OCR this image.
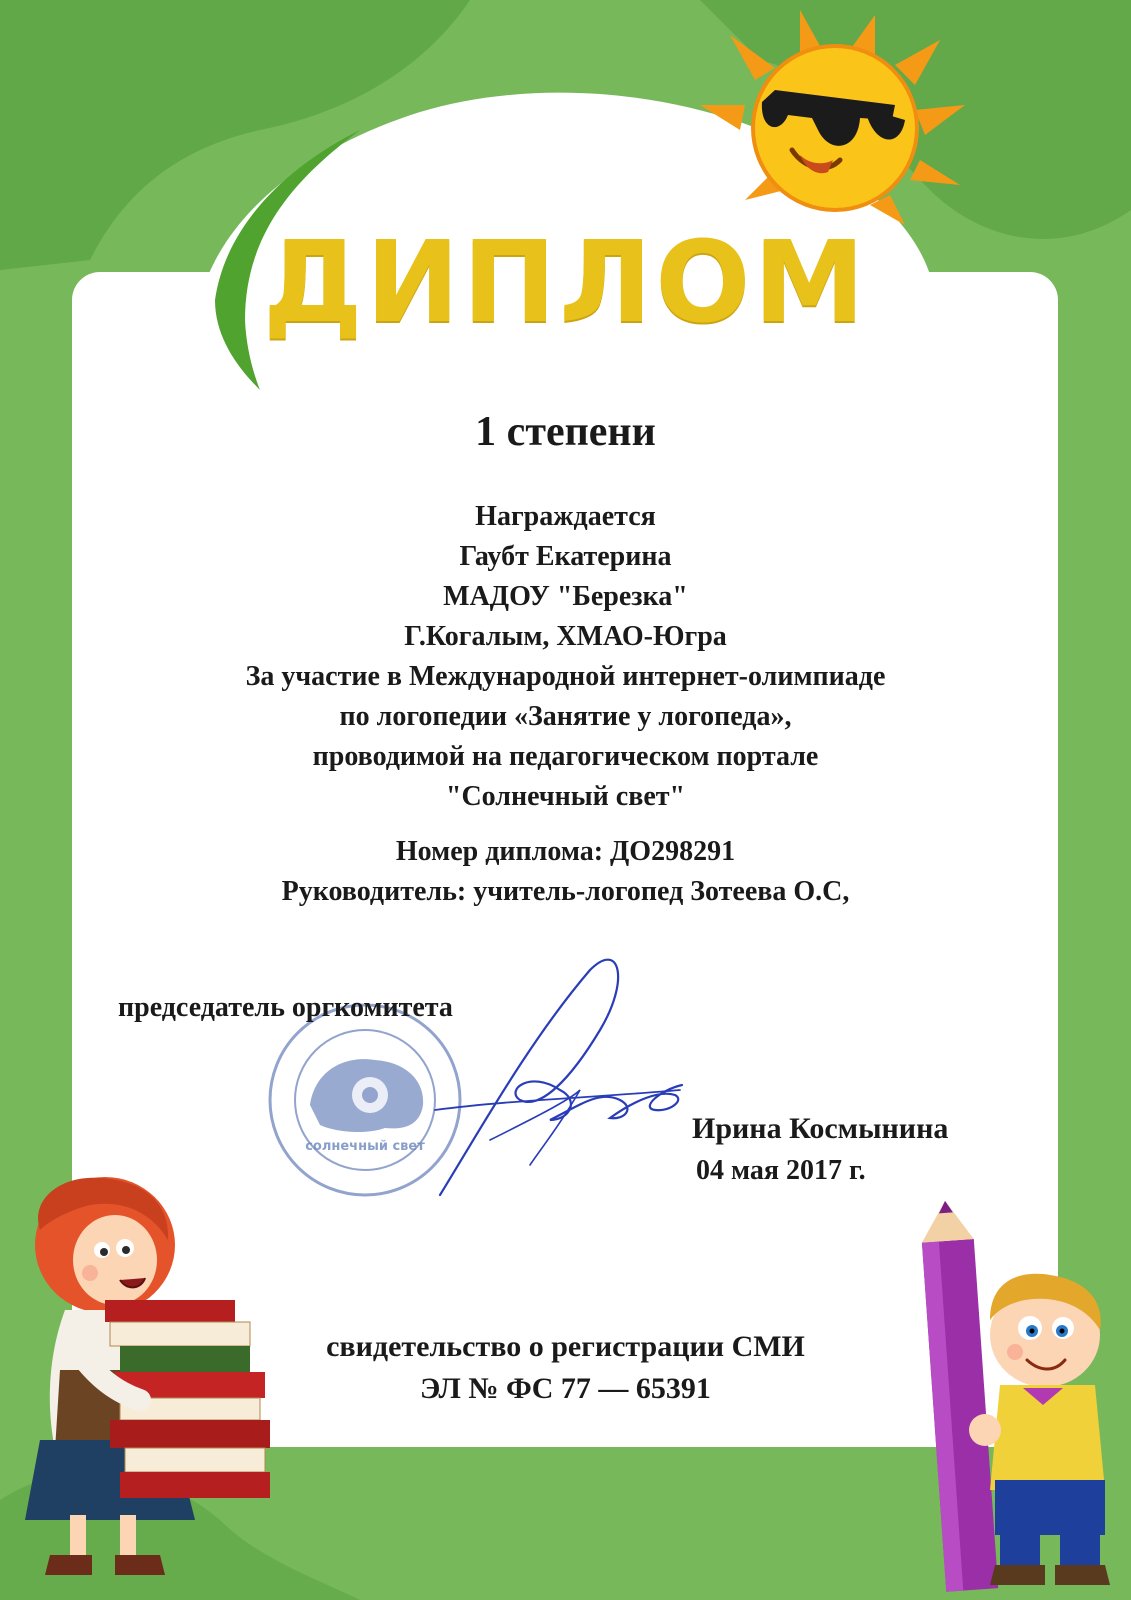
ДИПЛОМ
1 степени
Награждается
Гаубт Екатерина
МАДОУ "Березка"
Г.Когалым, ХМАО-Югра
За участие в Международной интернет-олимпиаде
по логопедии «Занятие у логопеда»,
проводимой на педагогическом портале
"Солнечный свет"
Номер диплома: ДО298291
Руководитель: учитель-логопед Зотеева О.С,
солнечный свет
председатель оргкомитета
Ирина Космынина
04 мая 2017 г.
свидетельство о регистрации СМИ
ЭЛ № ФС 77 — 65391
